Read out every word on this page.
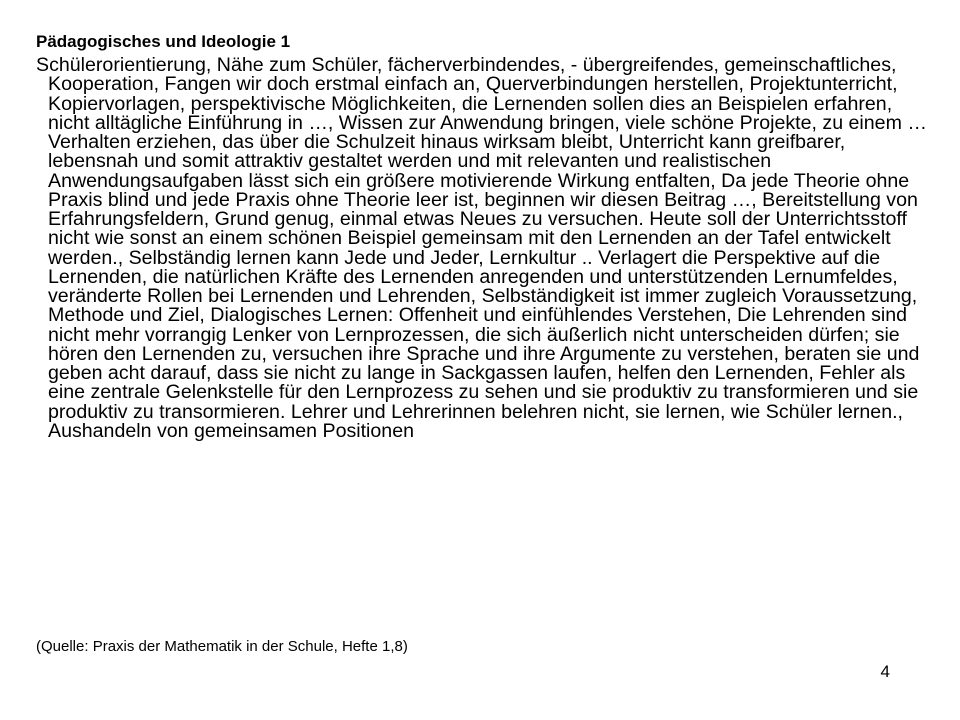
Pädagogisches und Ideologie 1

Schülerorientierung, Nähe zum Schüler, fächerverbindendes, - übergreifendes, gemeinschaftliches, Kooperation, Fangen wir doch erstmal einfach an, Querverbindungen herstellen, Projektunterricht, Kopiervorlagen, perspektivische Möglichkeiten, die Lernenden sollen dies an Beispielen erfahren, nicht alltägliche Einführung in …, Wissen zur Anwendung bringen, viele schöne Projekte, zu einem … Verhalten erziehen, das über die Schulzeit hinaus wirksam bleibt, Unterricht kann greifbarer, lebensnah und somit attraktiv gestaltet werden und mit relevanten und realistischen Anwendungsaufgaben lässt sich ein größere motivierende Wirkung entfalten, Da jede Theorie ohne Praxis blind und jede Praxis ohne Theorie leer ist, beginnen wir diesen Beitrag …, Bereitstellung von Erfahrungsfeldern, Grund genug, einmal etwas Neues zu versuchen. Heute soll der Unterrichtsstoff nicht wie sonst an einem schönen Beispiel gemeinsam mit den Lernenden an der Tafel entwickelt werden., Selbständig lernen kann Jede und Jeder, Lernkultur .. Verlagert die Perspektive auf die Lernenden, die natürlichen Kräfte des Lernenden anregenden und unterstützenden Lernumfeldes, veränderte Rollen bei Lernenden und Lehrenden, Selbständigkeit ist immer zugleich Voraussetzung, Methode und Ziel, Dialogisches Lernen: Offenheit und einfühlendes Verstehen, Die Lehrenden sind nicht mehr vorrangig Lenker von Lernprozessen, die sich äußerlich nicht unterscheiden dürfen; sie hören den Lernenden zu, versuchen ihre Sprache und ihre Argumente zu verstehen, beraten sie und geben acht darauf, dass sie nicht zu lange in Sackgassen laufen, helfen den Lernenden, Fehler als eine zentrale Gelenkstelle für den Lernprozess zu sehen und sie produktiv zu transformieren und sie produktiv zu transormieren. Lehrer und Lehrerinnen belehren nicht, sie lernen, wie Schüler lernen., Aushandeln von gemeinsamen Positionen

(Quelle: Praxis der Mathematik in der Schule, Hefte 1,8)
4
